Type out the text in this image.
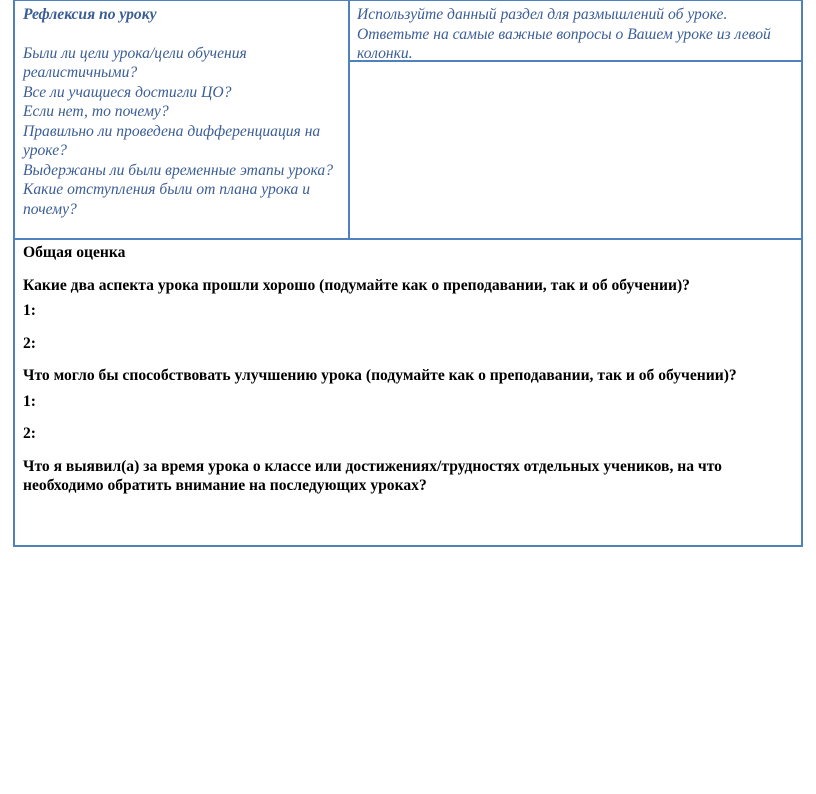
Рефлексия по уроку
Были ли цели урока/цели обучения реалистичными?
Все ли учащиеся достигли ЦО?
Если нет, то почему?
Правильно ли проведена дифференциация на уроке?
Выдержаны ли были временные этапы урока?
Какие отступления были от плана урока и почему?
Используйте данный раздел для размышлений об уроке. Ответьте на самые важные вопросы о Вашем уроке из левой колонки.

Общая оценка

Какие два аспекта урока прошли хорошо (подумайте как о преподавании, так и об обучении)?

1:

2:

Что могло бы способствовать улучшению урока (подумайте как о преподавании, так и об обучении)?

1:

2:

Что я выявил(а) за время урока о классе или достижениях/трудностях отдельных учеников, на что необходимо обратить внимание на последующих уроках?
